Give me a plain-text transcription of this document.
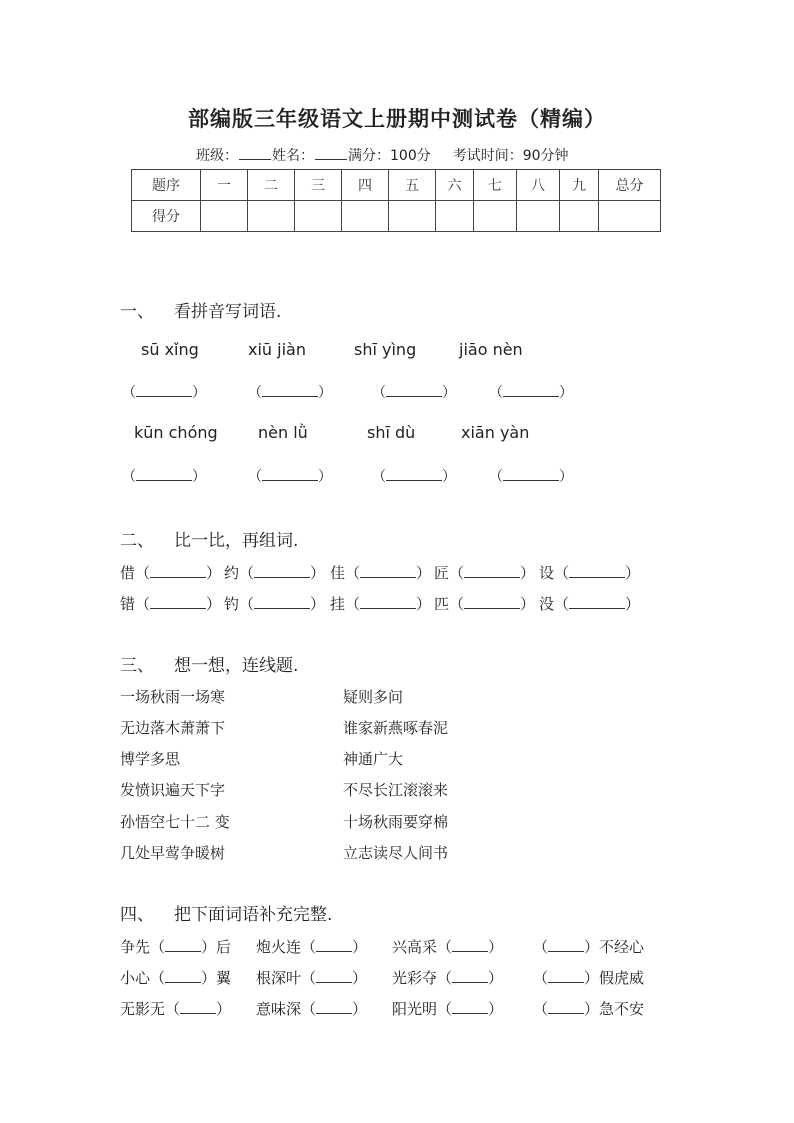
部编版三年级语文上册期中测试卷（精编）
班级： 姓名： 满分：100分 考试时间：90分钟
题序	一	二	三	四	五	六	七	八	九	总分
得分										
一、 看拼音写词语.
sū xǐng	xiū jiàn	shī yìng	jiāo nèn
（	）	（	）	（	） （	）
kūn chóng	nèn lǜ	shī dù	xiān yàn
（	）	（	）	（	） （	）
二、 比一比，再组词.
借（	） 约（	） 佳（	） 匠（	） 设（	）
错（	） 钓（	） 挂（	） 匹（	） 没（	）
三、 想一想，连线题.
一场秋雨一场寒
无边落木萧萧下
博学多思
发愤识遍天下字
孙悟空七十二 变
几处早莺争暖树
疑则多问
谁家新燕啄春泥
神通广大
不尽长江滚滚来
十场秋雨要穿棉
立志读尽人间书
四、 把下面词语补充完整.
争先（ ）后 炮火连（ ） 兴高采（ ） （ ）不经心
小心（ ）翼 根深叶（ ） 光彩夺（ ） （ ）假虎威
无影无（ ） 意味深（ ） 阳光明（ ） （ ）急不安
